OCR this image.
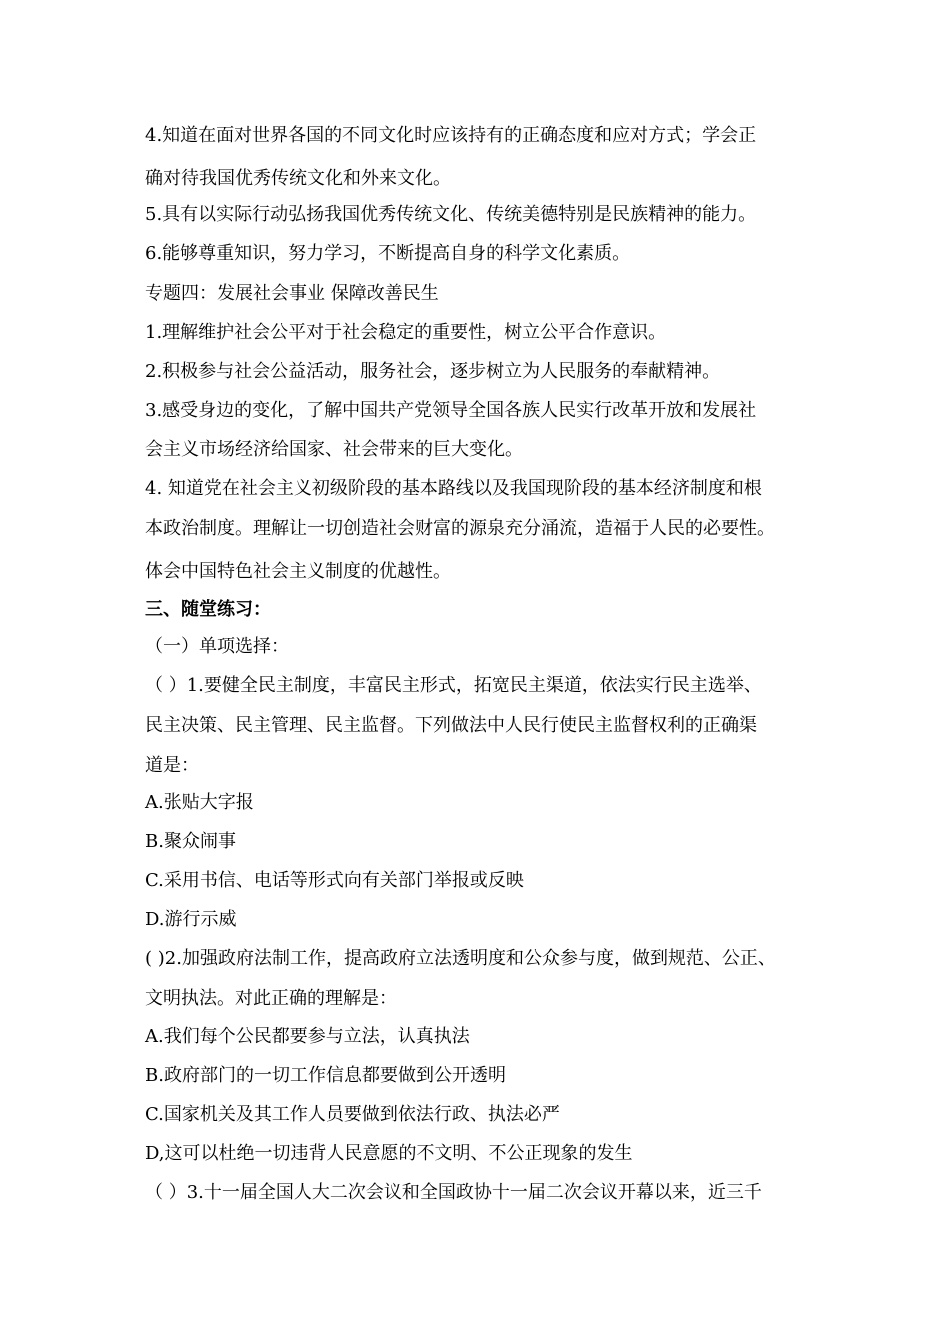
4.知道在面对世界各国的不同文化时应该持有的正确态度和应对方式；学会正
确对待我国优秀传统文化和外来文化。
5.具有以实际行动弘扬我国优秀传统文化、传统美德特别是民族精神的能力。
6.能够尊重知识，努力学习，不断提高自身的科学文化素质。
专题四：发展社会事业 保障改善民生
1.理解维护社会公平对于社会稳定的重要性，树立公平合作意识。
2.积极参与社会公益活动，服务社会，逐步树立为人民服务的奉献精神。
3.感受身边的变化，了解中国共产党领导全国各族人民实行改革开放和发展社
会主义市场经济给国家、社会带来的巨大变化。
4. 知道党在社会主义初级阶段的基本路线以及我国现阶段的基本经济制度和根
本政治制度。理解让一切创造社会财富的源泉充分涌流，造福于人民的必要性。
体会中国特色社会主义制度的优越性。
三、随堂练习：
（一）单项选择：
（ ）1.要健全民主制度，丰富民主形式，拓宽民主渠道，依法实行民主选举、
民主决策、民主管理、民主监督。下列做法中人民行使民主监督权利的正确渠
道是：
A.张贴大字报
B.聚众闹事
C.采用书信、电话等形式向有关部门举报或反映
D.游行示威
( )2.加强政府法制工作，提高政府立法透明度和公众参与度，做到规范、公正、
文明执法。对此正确的理解是：
A.我们每个公民都要参与立法，认真执法
B.政府部门的一切工作信息都要做到公开透明
C.国家机关及其工作人员要做到依法行政、执法必严
D,这可以杜绝一切违背人民意愿的不文明、不公正现象的发生
（ ）3.十一届全国人大二次会议和全国政协十一届二次会议开幕以来，近三千
